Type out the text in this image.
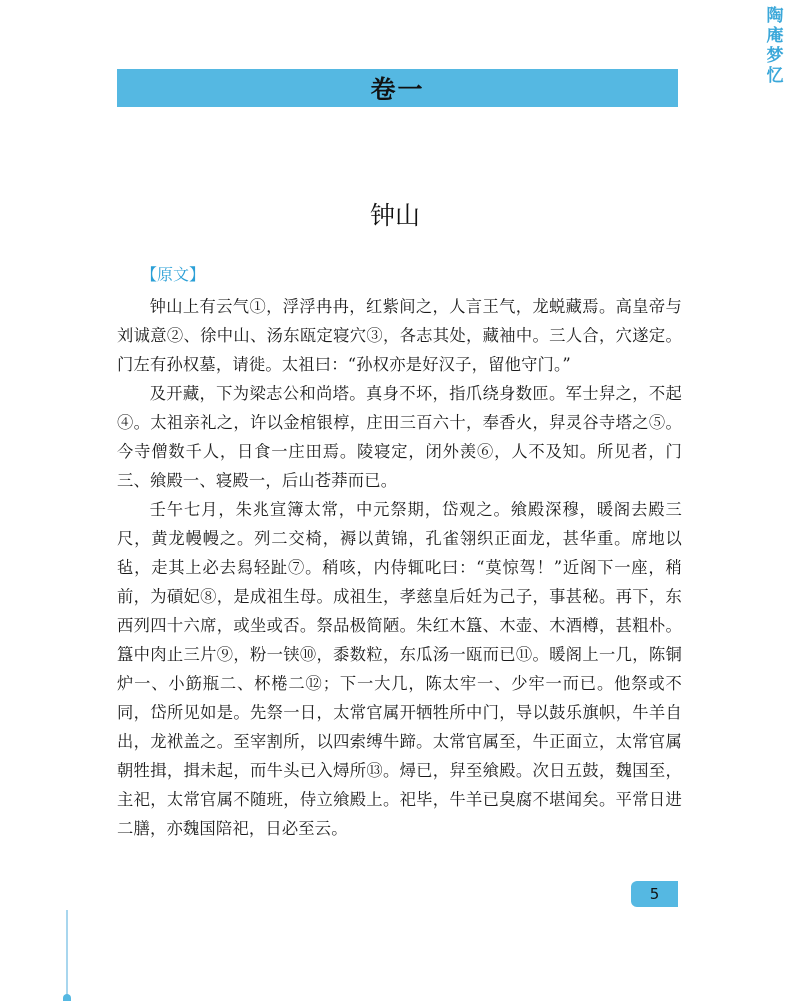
陶
庵
梦
忆
卷一
钟山
【原文】

钟山上有云气①，浮浮冉冉，红紫间之，人言王气，龙蜕藏焉。高皇帝与刘诚意②、徐中山、汤东瓯定寝穴③，各志其处，藏袖中。三人合，穴遂定。门左有孙权墓，请徙。太祖曰：“孙权亦是好汉子，留他守门。”

及开藏，下为梁志公和尚塔。真身不坏，指爪绕身数匝。军士舁之，不起④。太祖亲礼之，许以金棺银椁，庄田三百六十，奉香火，舁灵谷寺塔之⑤。今寺僧数千人，日食一庄田焉。陵寝定，闭外羡⑥，人不及知。所见者，门三、飨殿一、寝殿一，后山苍莽而已。

壬午七月，朱兆宣簿太常，中元祭期，岱观之。飨殿深穆，暖阁去殿三尺，黄龙幔幔之。列二交椅，褥以黄锦，孔雀翎织正面龙，甚华重。席地以毡，走其上必去舄轻趾⑦。稍咳，内侍辄叱曰：“莫惊驾！”近阁下一座，稍前，为碽妃⑧，是成祖生母。成祖生，孝慈皇后妊为己子，事甚秘。再下，东西列四十六席，或坐或否。祭品极简陋。朱红木簋、木壶、木酒樽，甚粗朴。簋中肉止三片⑨，粉一铗⑩，黍数粒，东瓜汤一瓯而已⑪。暖阁上一几，陈铜炉一、小筯瓶二、杯棬二⑫；下一大几，陈太牢一、少牢一而已。他祭或不同，岱所见如是。先祭一日，太常官属开牺牲所中门，导以鼓乐旗帜，牛羊自出，龙袱盖之。至宰割所，以四索缚牛蹄。太常官属至，牛正面立，太常官属朝牲揖，揖未起，而牛头已入燖所⑬。燖已，舁至飨殿。次日五鼓，魏国至，主祀，太常官属不随班，侍立飨殿上。祀毕，牛羊已臭腐不堪闻矣。平常日进二膳，亦魏国陪祀，日必至云。

5
